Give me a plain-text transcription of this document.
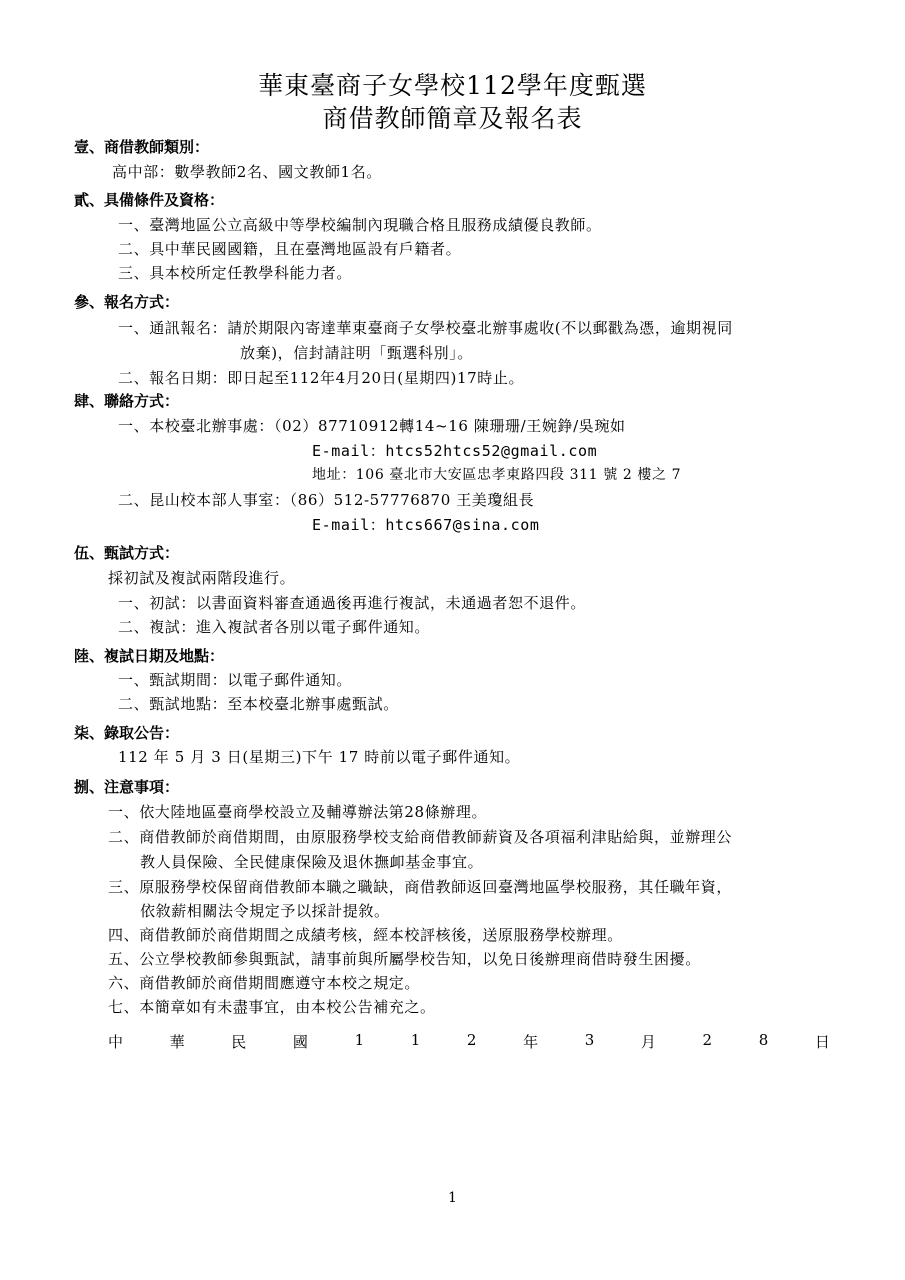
華東臺商子女學校112學年度甄選
商借教師簡章及報名表
壹、商借教師類別：
高中部：數學教師2名、國文教師1名。
貳、具備條件及資格：
一、臺灣地區公立高級中等學校編制內現職合格且服務成績優良教師。
二、具中華民國國籍，且在臺灣地區設有戶籍者。
三、具本校所定任教學科能力者。
參、報名方式：
一、通訊報名：請於期限內寄達華東臺商子女學校臺北辦事處收(不以郵戳為憑，逾期視同
放棄)，信封請註明「甄選科別」。
二、報名日期：即日起至112年4月20日(星期四)17時止。
肆、聯絡方式：
一、本校臺北辦事處：（02）87710912轉14~16 陳珊珊/王婉錚/吳琬如
E-mail：htcs52htcs52@gmail.com
地址：106 臺北市大安區忠孝東路四段 311 號 2 樓之 7
二、昆山校本部人事室：（86）512-57776870 王美瓊組長
E-mail：htcs667@sina.com
伍、甄試方式：
採初試及複試兩階段進行。
一、初試：以書面資料審查通過後再進行複試，未通過者恕不退件。
二、複試：進入複試者各別以電子郵件通知。
陸、複試日期及地點：
一、甄試期間：以電子郵件通知。
二、甄試地點：至本校臺北辦事處甄試。
柒、錄取公告：
112 年 5 月 3 日(星期三)下午 17 時前以電子郵件通知。
捌、注意事項：
一、依大陸地區臺商學校設立及輔導辦法第28條辦理。
二、商借教師於商借期間，由原服務學校支給商借教師薪資及各項福利津貼給與，並辦理公
教人員保險、全民健康保險及退休撫卹基金事宜。
三、原服務學校保留商借教師本職之職缺，商借教師返回臺灣地區學校服務，其任職年資，
依敘薪相關法令規定予以採計提敘。
四、商借教師於商借期間之成績考核，經本校評核後，送原服務學校辦理。
五、公立學校教師參與甄試，請事前與所屬學校告知，以免日後辦理商借時發生困擾。
六、商借教師於商借期間應遵守本校之規定。
七、本簡章如有未盡事宜，由本校公告補充之。
中	華	民	國	1	1	2	年	3	月	2	8	日
1
